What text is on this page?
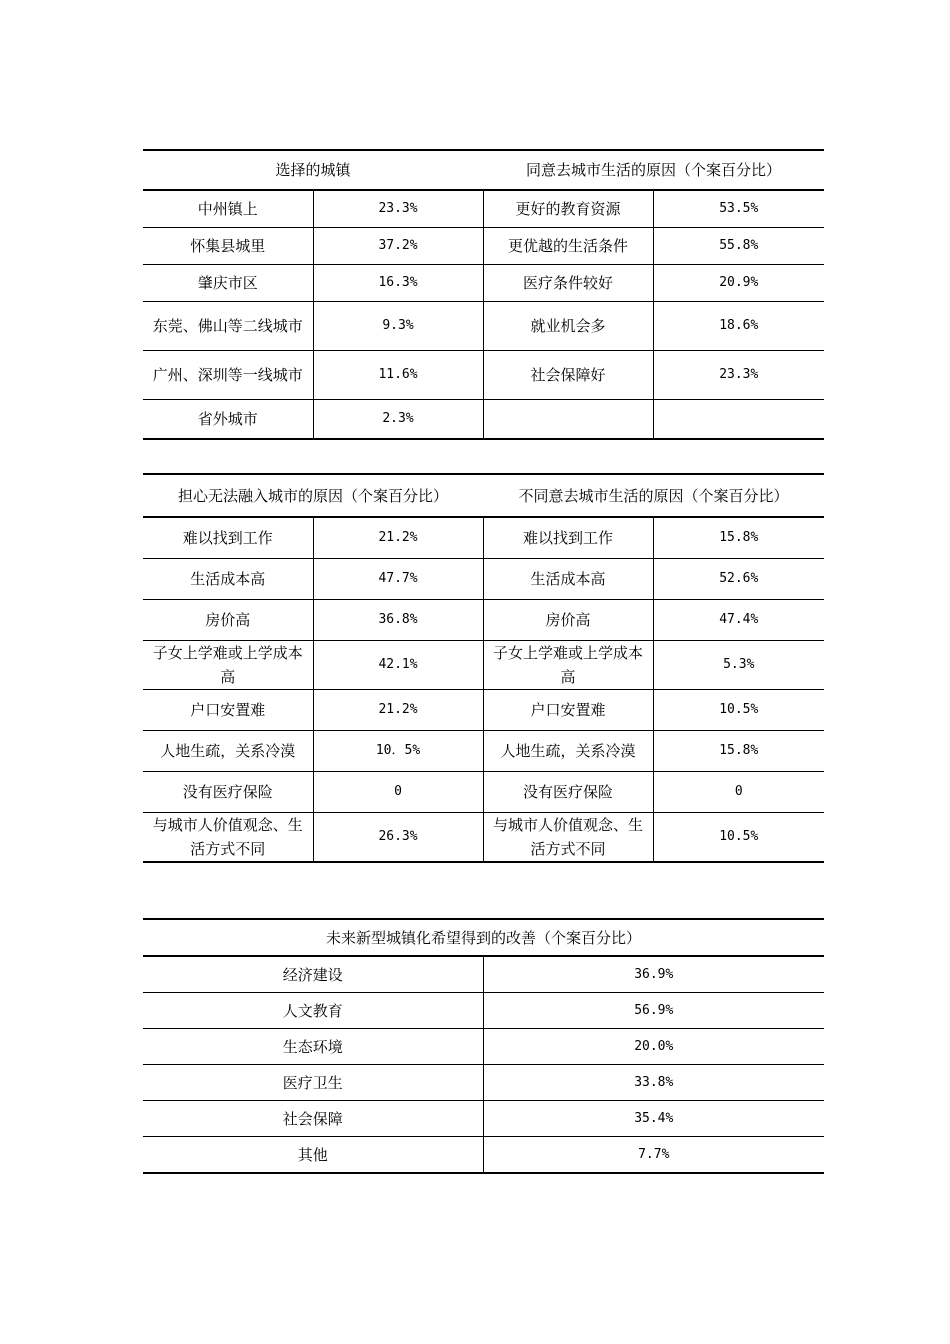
选择的城镇		同意去城市生活的原因（个案百分比）	
中州镇上	23.3%	更好的教育资源	53.5%
怀集县城里	37.2%	更优越的生活条件	55.8%
肇庆市区	16.3%	医疗条件较好	20.9%
东莞、佛山等二线城市	9.3%	就业机会多	18.6%
广州、深圳等一线城市	11.6%	社会保障好	23.3%
省外城市	2.3%		
担心无法融入城市的原因（个案百分比）		不同意去城市生活的原因（个案百分比）	
难以找到工作	21.2%	难以找到工作	15.8%
生活成本高	47.7%	生活成本高	52.6%
房价高	36.8%	房价高	47.4%
子女上学难或上学成本高	42.1%	子女上学难或上学成本高	5.3%
户口安置难	21.2%	户口安置难	10.5%
人地生疏，关系冷漠	10．5%	人地生疏，关系冷漠	15.8%
没有医疗保险	0	没有医疗保险	0
与城市人价值观念、生活方式不同	26.3%	与城市人价值观念、生活方式不同	10.5%
未来新型城镇化希望得到的改善（个案百分比）	
经济建设	36.9%
人文教育	56.9%
生态环境	20.0%
医疗卫生	33.8%
社会保障	35.4%
其他	7.7%
